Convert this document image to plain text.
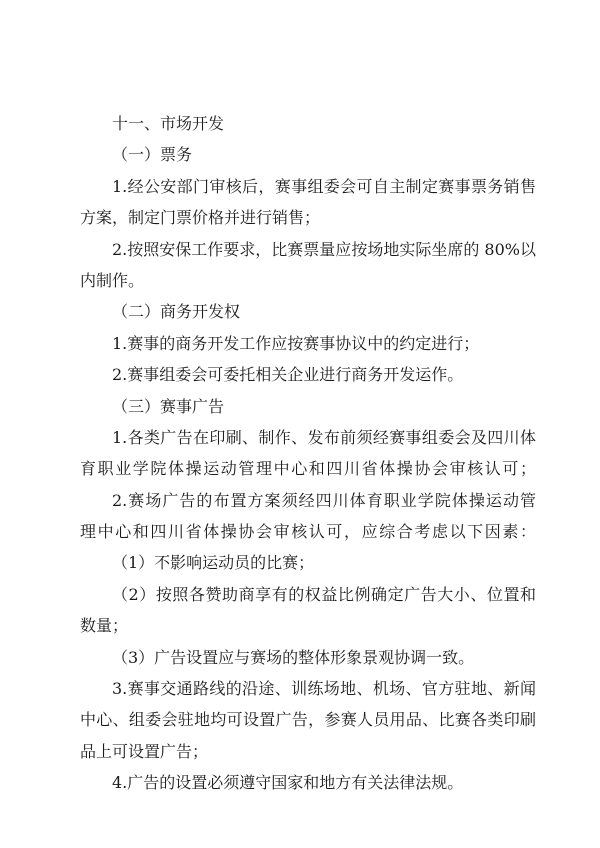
十一、市场开发
（一）票务
1.经公安部门审核后，赛事组委会可自主制定赛事票务销售
方案，制定门票价格并进行销售；
2.按照安保工作要求，比赛票量应按场地实际坐席的 80%以
内制作。
（二）商务开发权
1.赛事的商务开发工作应按赛事协议中的约定进行；
2.赛事组委会可委托相关企业进行商务开发运作。
（三）赛事广告
1.各类广告在印刷、制作、发布前须经赛事组委会及四川体
育职业学院体操运动管理中心和四川省体操协会审核认可；
2.赛场广告的布置方案须经四川体育职业学院体操运动管
理中心和四川省体操协会审核认可，应综合考虑以下因素：
（1）不影响运动员的比赛；
（2）按照各赞助商享有的权益比例确定广告大小、位置和
数量；
（3）广告设置应与赛场的整体形象景观协调一致。
3.赛事交通路线的沿途、训练场地、机场、官方驻地、新闻
中心、组委会驻地均可设置广告，参赛人员用品、比赛各类印刷
品上可设置广告；
4.广告的设置必须遵守国家和地方有关法律法规。
